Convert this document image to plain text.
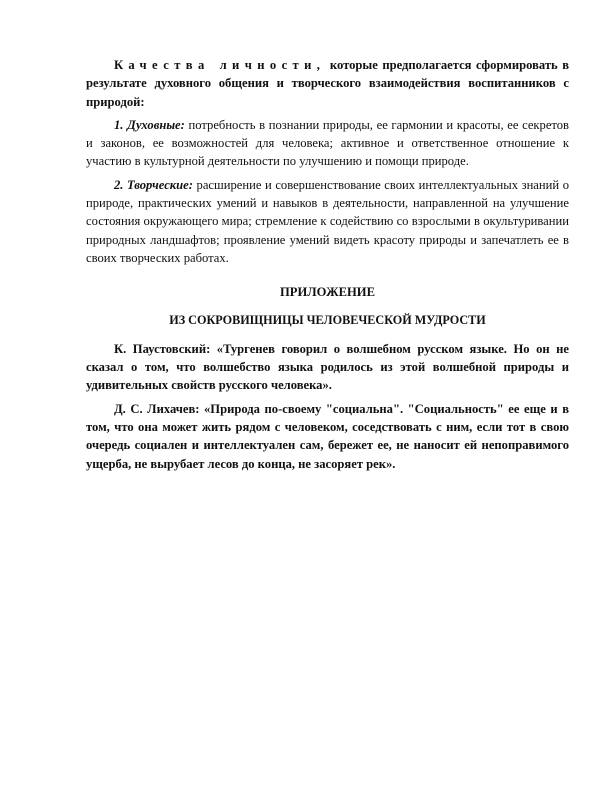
Качества личности, которые предполагается сформировать в результате духовного общения и творческого взаимодействия воспитанников с природой:

1. Духовные: потребность в познании природы, ее гармонии и красоты, ее секретов и законов, ее возможностей для человека; активное и ответственное отношение к участию в культурной деятельности по улучшению и помощи природе.

2. Творческие: расширение и совершенствование своих интеллектуальных знаний о природе, практических умений и навыков в деятельности, направленной на улучшение состояния окружающего мира; стремление к содействию со взрослыми в окультуривании природных ландшафтов; проявление умений видеть красоту природы и запечатлеть ее в своих творческих работах.

ПРИЛОЖЕНИЕ

ИЗ СОКРОВИЩНИЦЫ ЧЕЛОВЕЧЕСКОЙ МУДРОСТИ

К. Паустовский: «Тургенев говорил о волшебном русском языке. Но он не сказал о том, что волшебство языка родилось из этой волшебной природы и удивительных свойств русского человека».

Д. С. Лихачев: «Природа по-своему "социальна". "Социальность" ее еще и в том, что она может жить рядом с человеком, соседствовать с ним, если тот в свою очередь социален и интеллектуален сам, бережет ее, не наносит ей непоправимого ущерба, не вырубает лесов до конца, не засоряет рек».
